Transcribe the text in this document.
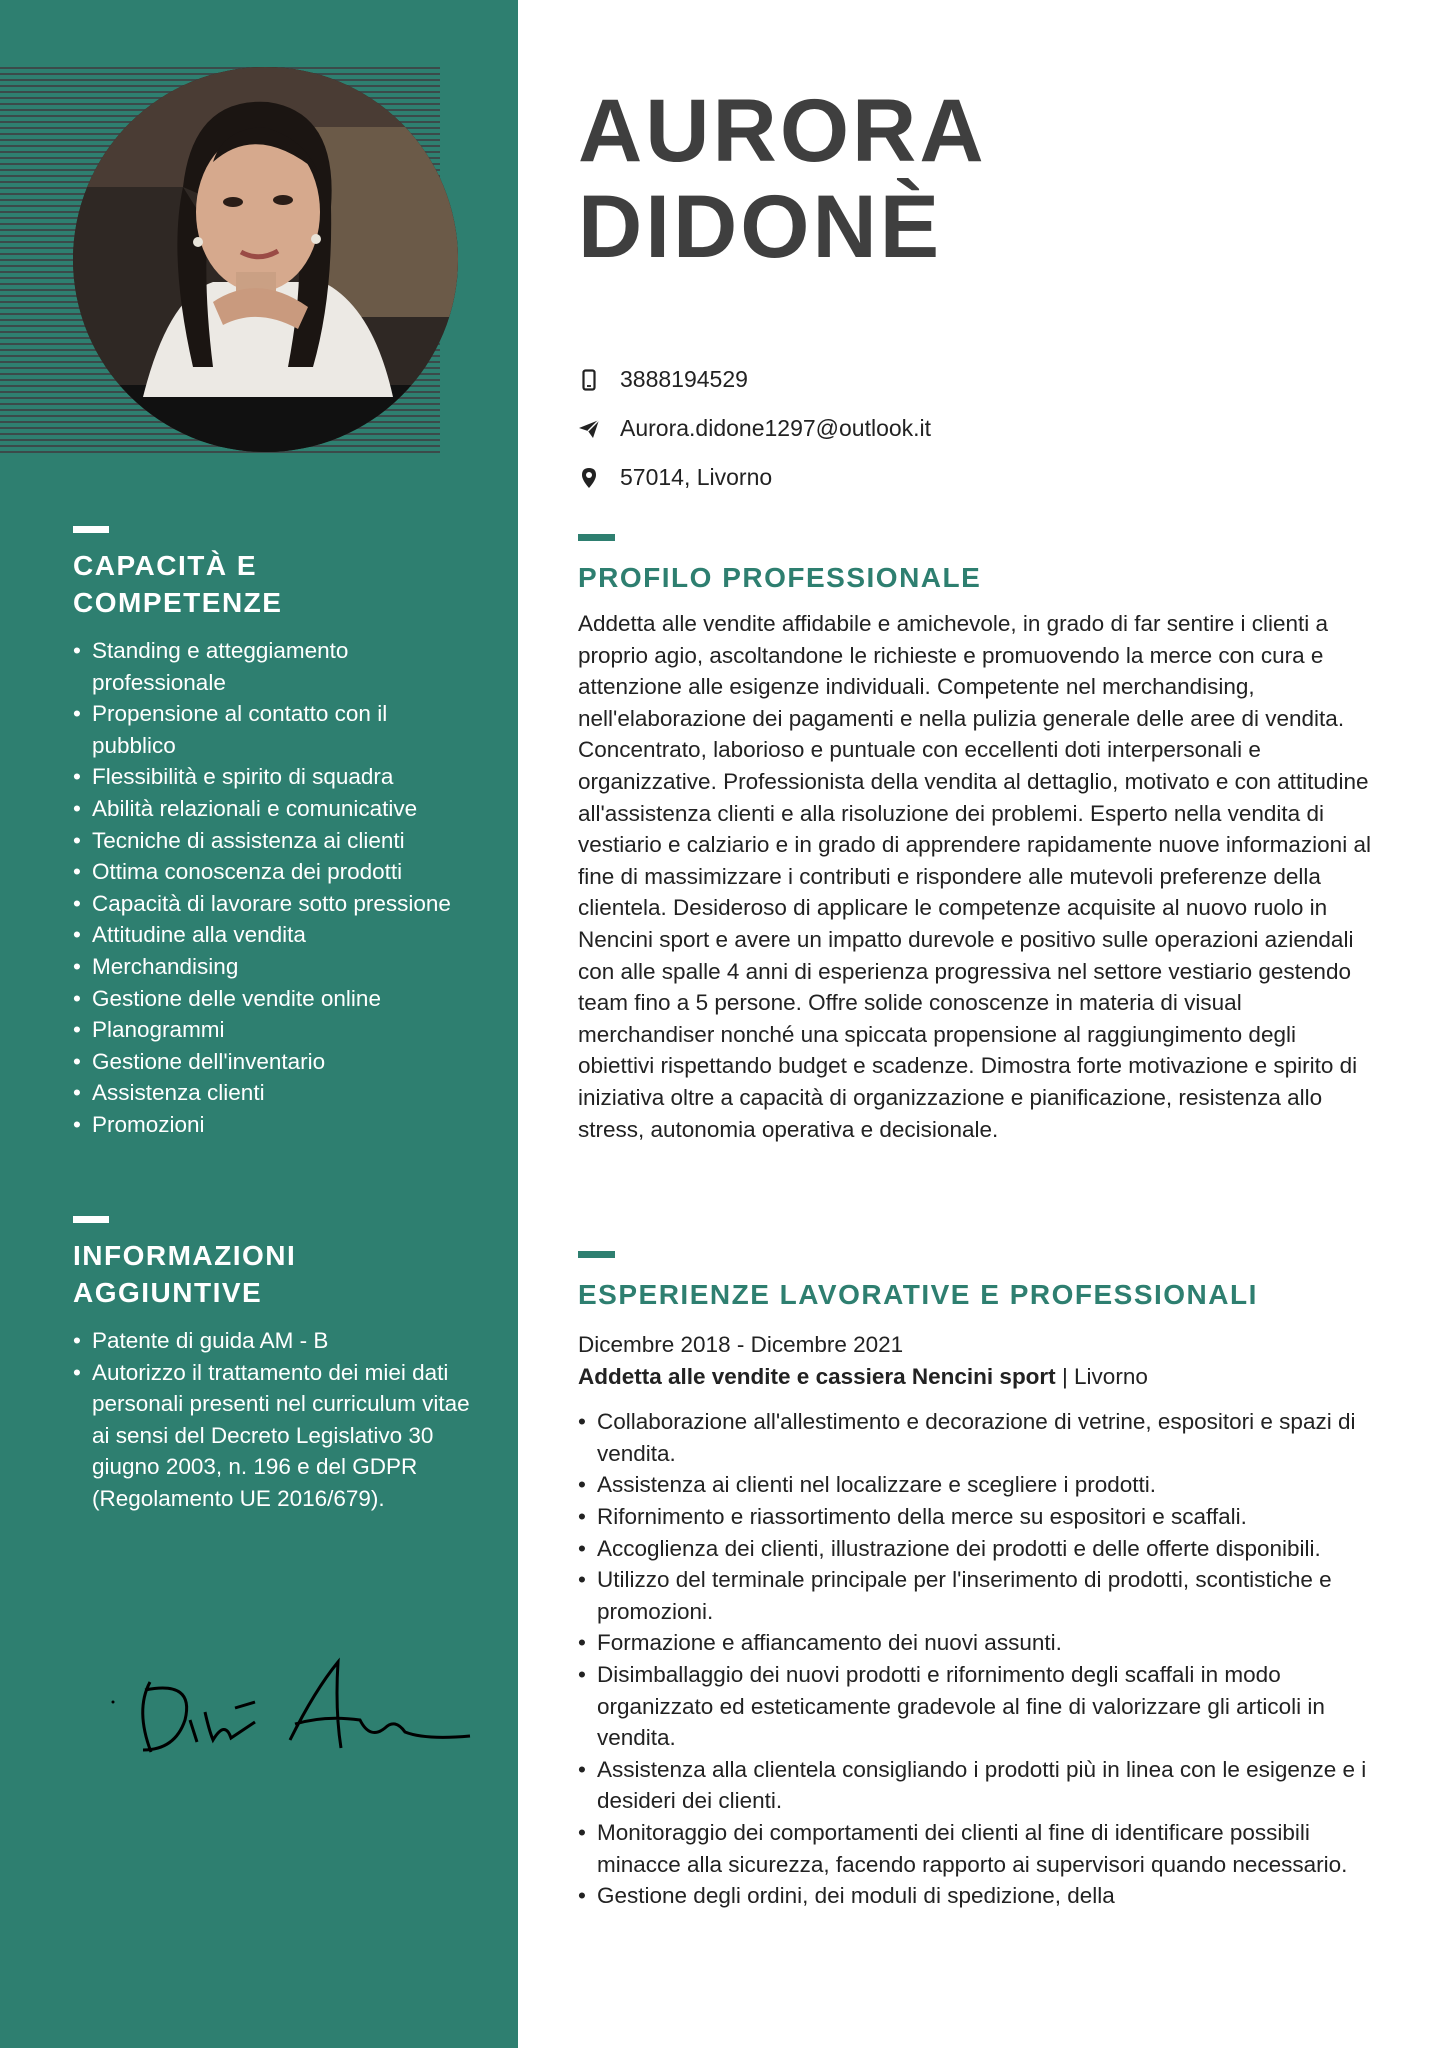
CAPACITÀ E COMPETENZE
• Standing e atteggiamento professionale
• Propensione al contatto con il pubblico
• Flessibilità e spirito di squadra
• Abilità relazionali e comunicative
• Tecniche di assistenza ai clienti
• Ottima conoscenza dei prodotti
• Capacità di lavorare sotto pressione
• Attitudine alla vendita
• Merchandising
• Gestione delle vendite online
• Planogrammi
• Gestione dell'inventario
• Assistenza clienti
• Promozioni
INFORMAZIONI AGGIUNTIVE
• Patente di guida AM - B
• Autorizzo il trattamento dei miei dati personali presenti nel curriculum vitae ai sensi del Decreto Legislativo 30 giugno 2003, n. 196 e del GDPR (Regolamento UE 2016/679).
AURORA
DIDONÈ
3888194529
Aurora.didone1297@outlook.it
57014, Livorno
PROFILO PROFESSIONALE
Addetta alle vendite affidabile e amichevole, in grado di far sentire i clienti a proprio agio, ascoltandone le richieste e promuovendo la merce con cura e attenzione alle esigenze individuali. Competente nel merchandising, nell'elaborazione dei pagamenti e nella pulizia generale delle aree di vendita. Concentrato, laborioso e puntuale con eccellenti doti interpersonali e organizzative. Professionista della vendita al dettaglio, motivato e con attitudine all'assistenza clienti e alla risoluzione dei problemi. Esperto nella vendita di vestiario e calziario e in grado di apprendere rapidamente nuove informazioni al fine di massimizzare i contributi e rispondere alle mutevoli preferenze della clientela. Desideroso di applicare le competenze acquisite al nuovo ruolo in Nencini sport e avere un impatto durevole e positivo sulle operazioni aziendali con alle spalle 4 anni di esperienza progressiva nel settore vestiario gestendo team fino a 5 persone. Offre solide conoscenze in materia di visual merchandiser nonché una spiccata propensione al raggiungimento degli obiettivi rispettando budget e scadenze. Dimostra forte motivazione e spirito di iniziativa oltre a capacità di organizzazione e pianificazione, resistenza allo stress, autonomia operativa e decisionale.
ESPERIENZE LAVORATIVE E PROFESSIONALI
Dicembre 2018 - Dicembre 2021
Addetta alle vendite e cassiera Nencini sport | Livorno
• Collaborazione all'allestimento e decorazione di vetrine, espositori e spazi di vendita.
• Assistenza ai clienti nel localizzare e scegliere i prodotti.
• Rifornimento e riassortimento della merce su espositori e scaffali.
• Accoglienza dei clienti, illustrazione dei prodotti e delle offerte disponibili.
• Utilizzo del terminale principale per l'inserimento di prodotti, scontistiche e promozioni.
• Formazione e affiancamento dei nuovi assunti.
• Disimballaggio dei nuovi prodotti e rifornimento degli scaffali in modo organizzato ed esteticamente gradevole al fine di valorizzare gli articoli in vendita.
• Assistenza alla clientela consigliando i prodotti più in linea con le esigenze e i desideri dei clienti.
• Monitoraggio dei comportamenti dei clienti al fine di identificare possibili minacce alla sicurezza, facendo rapporto ai supervisori quando necessario.
• Gestione degli ordini, dei moduli di spedizione, della
